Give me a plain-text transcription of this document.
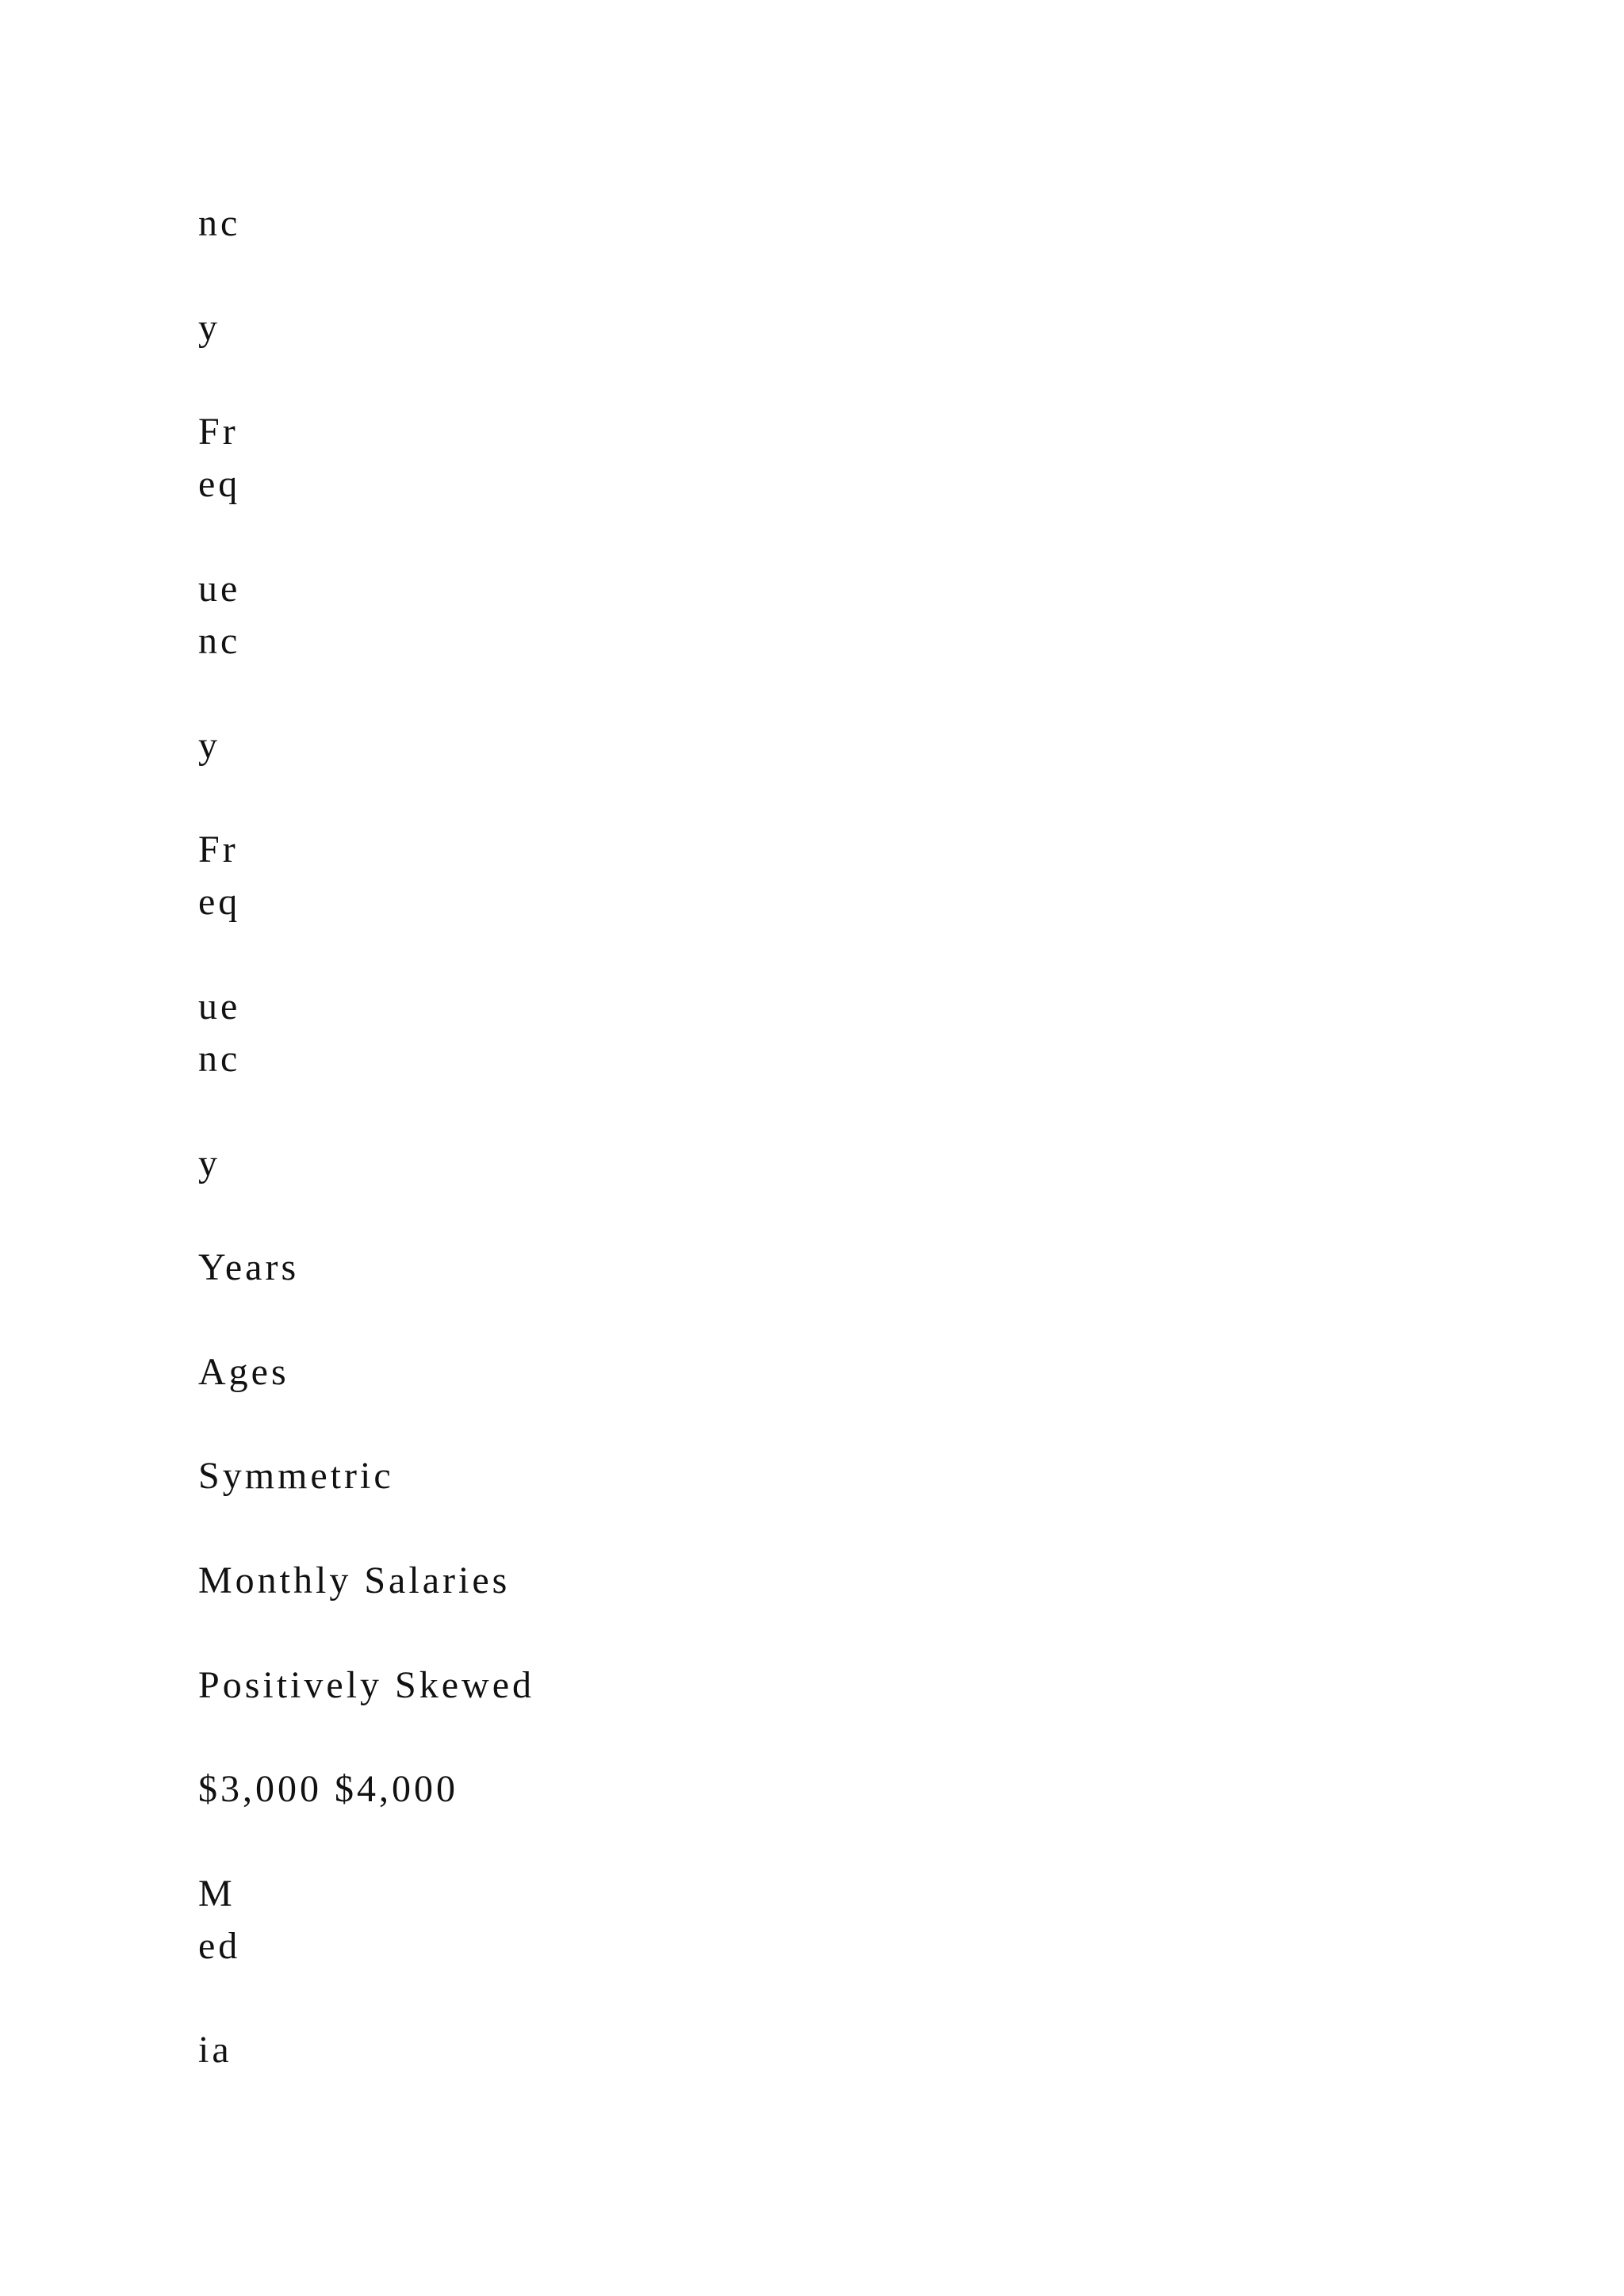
nc
y
Fr
eq
ue
nc
y
Fr
eq
ue
nc
y
Years
Ages
Symmetric
Monthly Salaries
Positively Skewed
$3,000 $4,000
M
ed
ia
